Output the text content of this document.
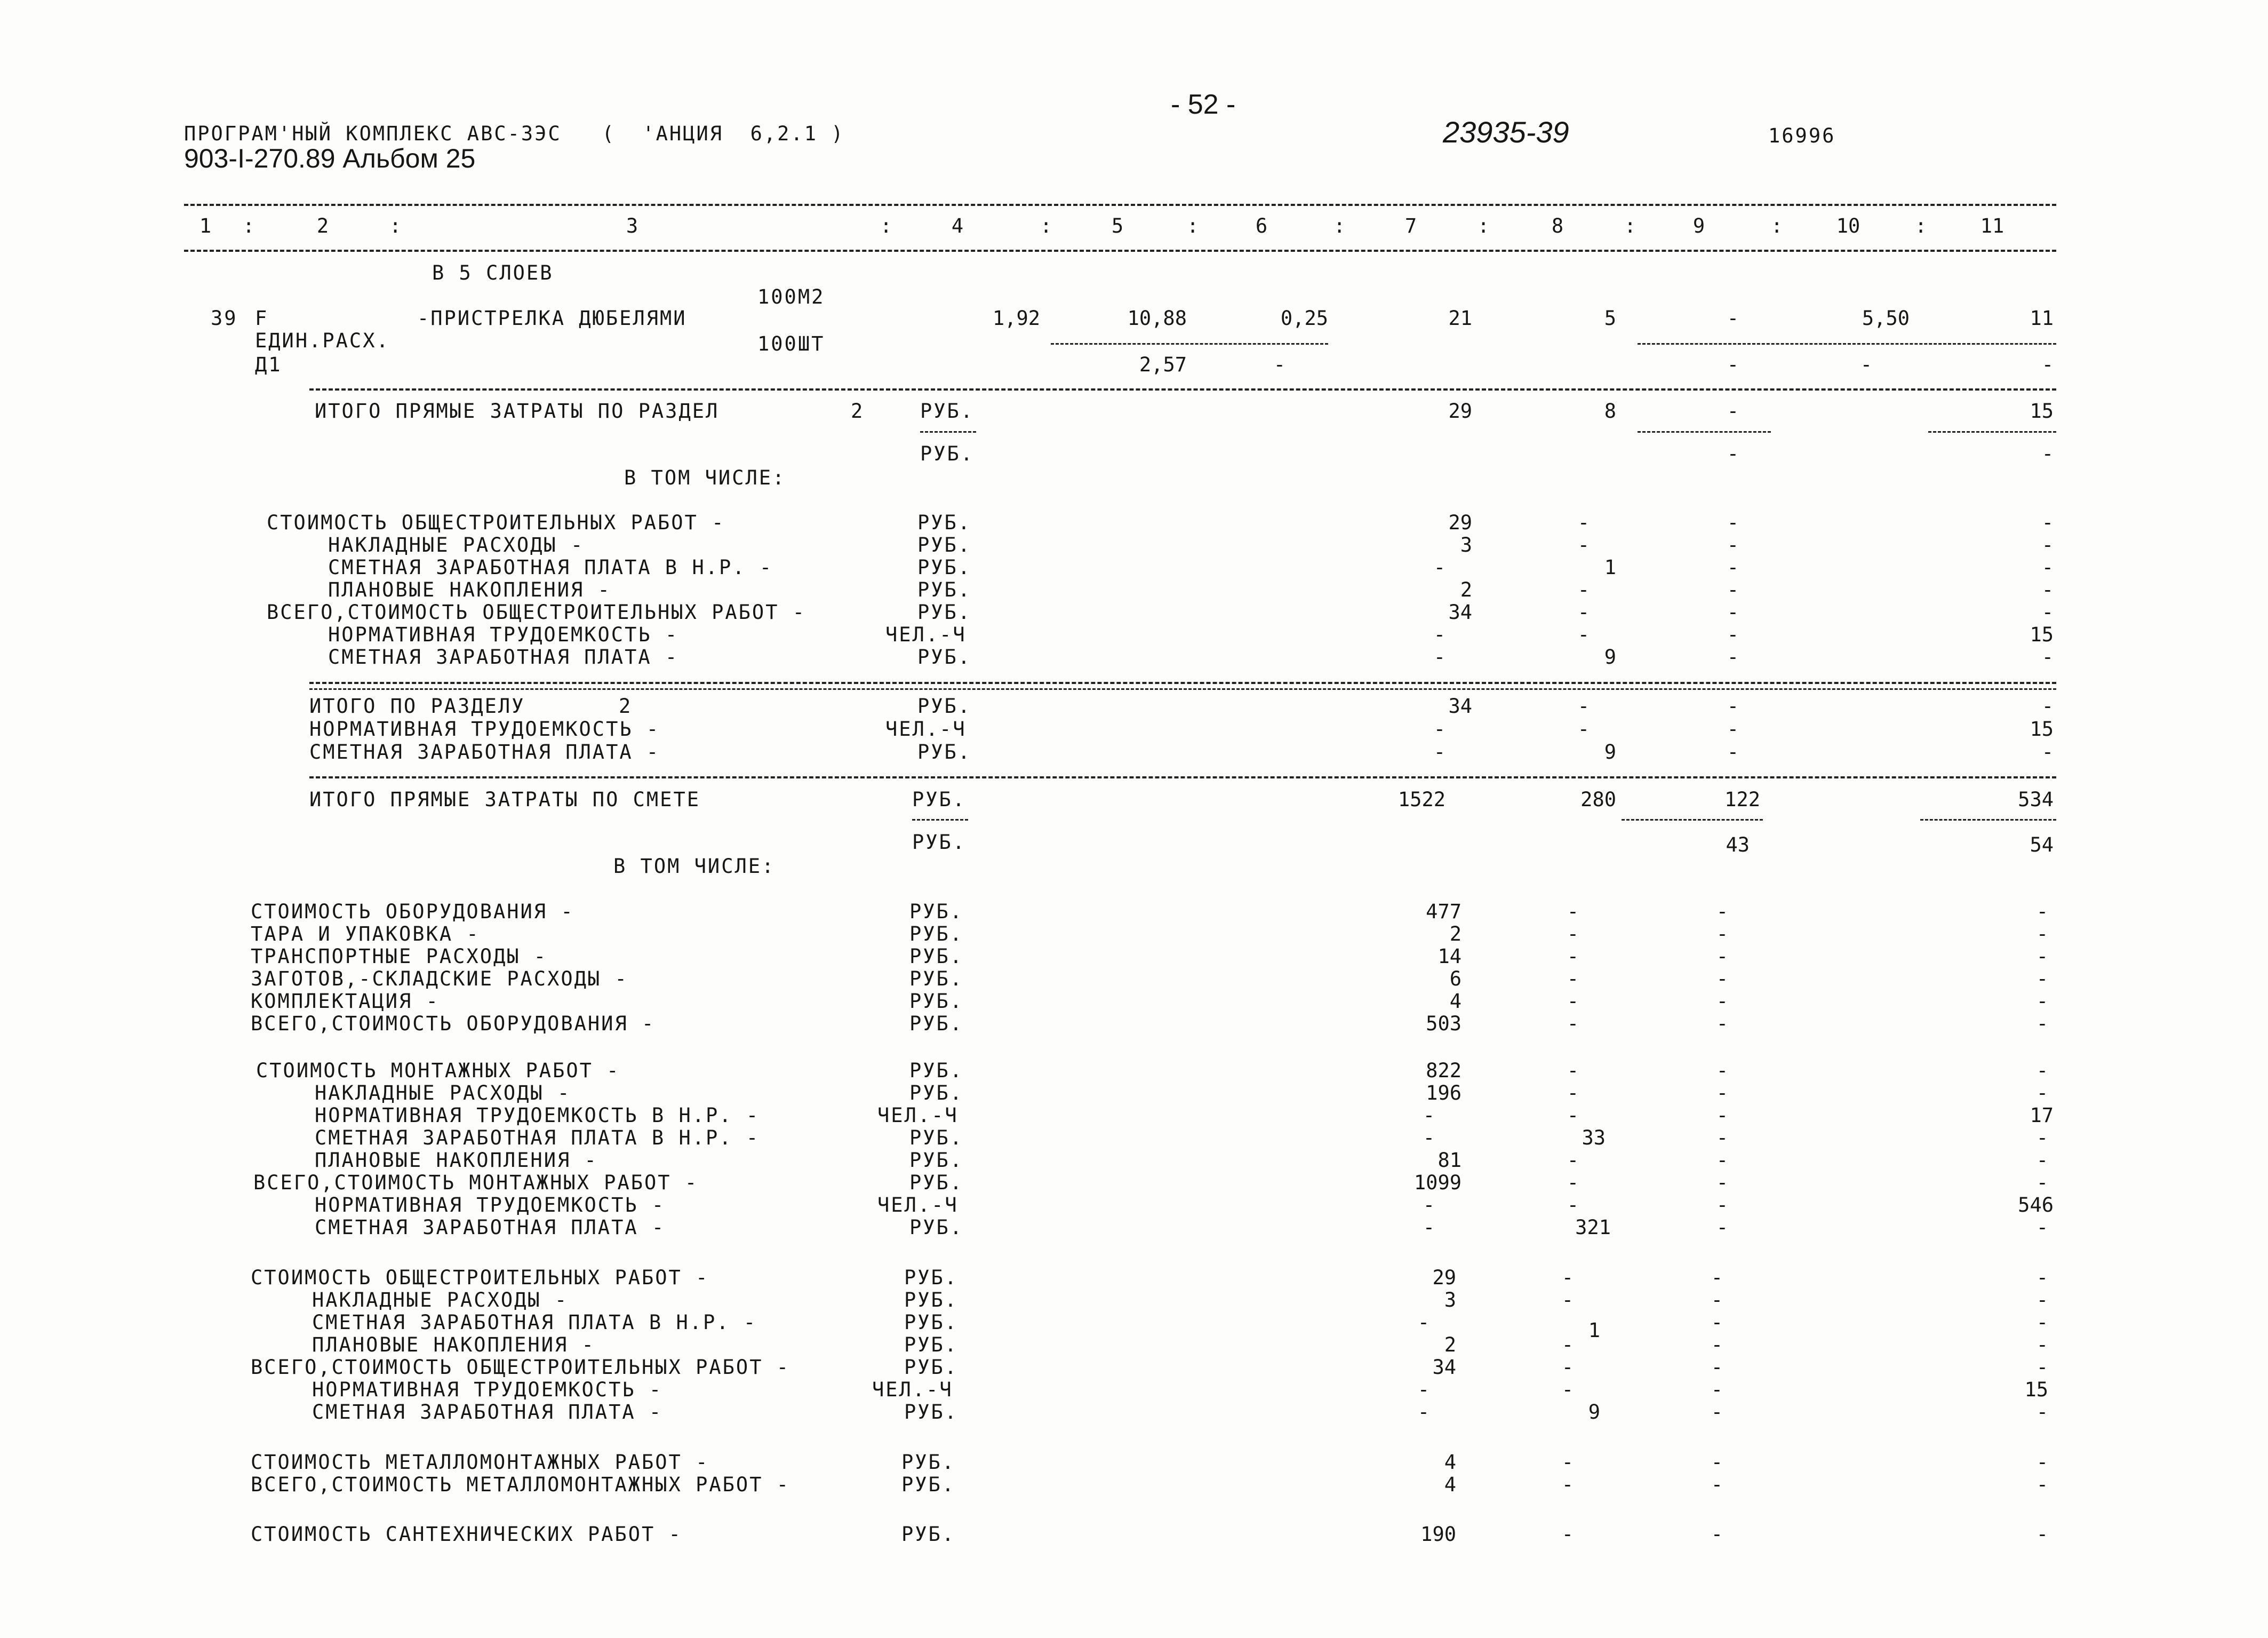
- 52 -
ПРОГРАМ'НЫЙ КОМПЛЕКС АВС-3ЭС   (  'АНЦИЯ  6,2.1 )
903-I-270.89 Альбом 25
23935-39	16996
1	:	2	:	3	:	4	:	5	:	6	:	7	:	8	:	9	:	10	:	11
В 5 СЛОЕВ
100М2
39 F	-ПРИСТРЕЛКА ДЮБЕЛЯМИ	1,92	10,88	0,25	21	5	-	5,50	11
ЕДИН.РАСХ.	100ШТ
Д1	2,57	-	-	-	-
ИТОГО ПРЯМЫЕ ЗАТРАТЫ ПО РАЗДЕЛ	2	РУБ.	29	8	-	15
РУБ.	-	-
В ТОМ ЧИСЛЕ:
СТОИМОСТЬ ОБЩЕСТРОИТЕЛЬНЫХ РАБОТ -	РУБ.	29	-	-	-
НАКЛАДНЫЕ РАСХОДЫ -	РУБ.	3	-	-	-
СМЕТНАЯ ЗАРАБОТНАЯ ПЛАТА В Н.Р. -	РУБ.	-	1	-	-
ПЛАНОВЫЕ НАКОПЛЕНИЯ -	РУБ.	2	-	-	-
ВСЕГО,СТОИМОСТЬ ОБЩЕСТРОИТЕЛЬНЫХ РАБОТ -	РУБ.	34	-	-	-
НОРМАТИВНАЯ ТРУДОЕМКОСТЬ -	ЧЕЛ.-Ч	-	-	-	15
СМЕТНАЯ ЗАРАБОТНАЯ ПЛАТА -	РУБ.	-	9	-	-
ИТОГО ПО РАЗДЕЛУ	2	РУБ.	34	-	-	-
НОРМАТИВНАЯ ТРУДОЕМКОСТЬ -	ЧЕЛ.-Ч	-	-	-	15
СМЕТНАЯ ЗАРАБОТНАЯ ПЛАТА -	РУБ.	-	9	-	-
ИТОГО ПРЯМЫЕ ЗАТРАТЫ ПО СМЕТЕ	РУБ.	1522	280	122	534
РУБ.	43	54
В ТОМ ЧИСЛЕ:
СТОИМОСТЬ ОБОРУДОВАНИЯ -	РУБ.	477	-	-	-
ТАРА И УПАКОВКА -	РУБ.	2	-	-	-
ТРАНСПОРТНЫЕ РАСХОДЫ -	РУБ.	14	-	-	-
ЗАГОТОВ,-СКЛАДСКИЕ РАСХОДЫ -	РУБ.	6	-	-	-
КОМПЛЕКТАЦИЯ -	РУБ.	4	-	-	-
ВСЕГО,СТОИМОСТЬ ОБОРУДОВАНИЯ -	РУБ.	503	-	-	-
СТОИМОСТЬ МОНТАЖНЫХ РАБОТ -	РУБ.	822	-	-	-
НАКЛАДНЫЕ РАСХОДЫ -	РУБ.	196	-	-	-
НОРМАТИВНАЯ ТРУДОЕМКОСТЬ В Н.Р. -	ЧЕЛ.-Ч	-	-	-	17
СМЕТНАЯ ЗАРАБОТНАЯ ПЛАТА В Н.Р. -	РУБ.	-	33	-	-
ПЛАНОВЫЕ НАКОПЛЕНИЯ -	РУБ.	81	-	-	-
ВСЕГО,СТОИМОСТЬ МОНТАЖНЫХ РАБОТ -	РУБ.	1099	-	-	-
НОРМАТИВНАЯ ТРУДОЕМКОСТЬ -	ЧЕЛ.-Ч	-	-	-	546
СМЕТНАЯ ЗАРАБОТНАЯ ПЛАТА -	РУБ.	-	321	-	-
СТОИМОСТЬ ОБЩЕСТРОИТЕЛЬНЫХ РАБОТ -	РУБ.	29	-	-	-
НАКЛАДНЫЕ РАСХОДЫ -	РУБ.	3	-	-	-
СМЕТНАЯ ЗАРАБОТНАЯ ПЛАТА В Н.Р. -	РУБ.	-	1	-	-
ПЛАНОВЫЕ НАКОПЛЕНИЯ -	РУБ.	2	-	-	-
ВСЕГО,СТОИМОСТЬ ОБЩЕСТРОИТЕЛЬНЫХ РАБОТ -	РУБ.	34	-	-	-
НОРМАТИВНАЯ ТРУДОЕМКОСТЬ -	ЧЕЛ.-Ч	-	-	-	15
СМЕТНАЯ ЗАРАБОТНАЯ ПЛАТА -	РУБ.	-	9	-	-
СТОИМОСТЬ МЕТАЛЛОМОНТАЖНЫХ РАБОТ -	РУБ.	4	-	-	-
ВСЕГО,СТОИМОСТЬ МЕТАЛЛОМОНТАЖНЫХ РАБОТ -	РУБ.	4	-	-	-
СТОИМОСТЬ САНТЕХНИЧЕСКИХ РАБОТ -	РУБ.	190	-	-	-
